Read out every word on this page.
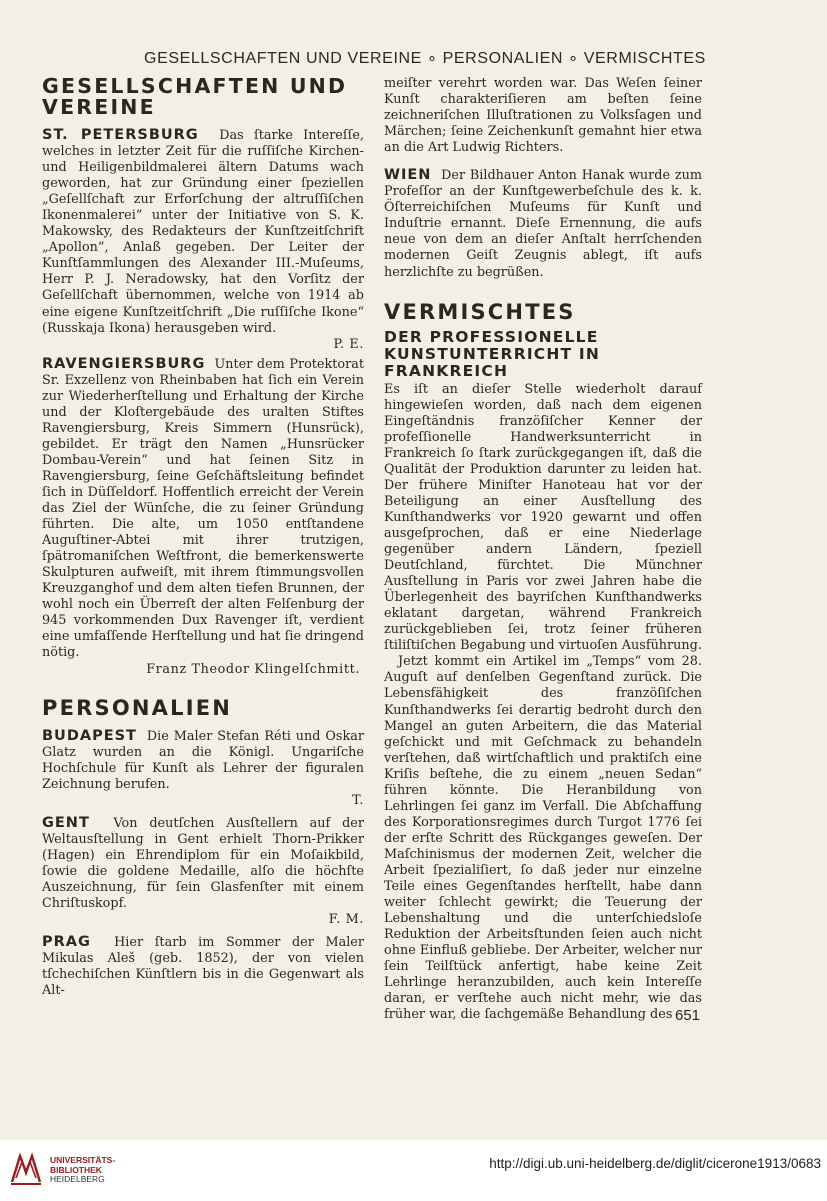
GESELLSCHAFTEN UND VEREINE ∘ PERSONALIEN ∘ VERMISCHTES
GESELLSCHAFTEN UND VEREINE

ST. PETERSBURG Das ſtarke Intereſſe, welches in letzter Zeit für die ruſſiſche Kirchen- und Heiligenbildmalerei ältern Datums wach geworden, hat zur Gründung einer ſpeziellen „Geſellſchaft zur Erforſchung der altruſſiſchen Ikonenmalerei“ unter der Initiative von S. K. Makowsky, des Redakteurs der Kunſtzeitſchrift „Apollon“, Anlaß gegeben. Der Leiter der Kunſtſammlungen des Alexander III.-Muſeums, Herr P. J. Neradowsky, hat den Vorſitz der Geſellſchaft übernommen, welche von 1914 ab eine eigene Kunſtzeitſchrift „Die ruſſiſche Ikone“ (Russkaja Ikona) herausgeben wird.

P. E.

RAVENGIERSBURG Unter dem Protektorat Sr. Exzellenz von Rheinbaben hat ſich ein Verein zur Wiederherſtellung und Erhaltung der Kirche und der Kloſtergebäude des uralten Stiftes Ravengiersburg, Kreis Simmern (Hunsrück), gebildet. Er trägt den Namen „Hunsrücker Dombau-Verein“ und hat ſeinen Sitz in Ravengiersburg, ſeine Geſchäftsleitung befindet ſich in Düſſeldorf. Hoffentlich erreicht der Verein das Ziel der Wünſche, die zu ſeiner Gründung führten. Die alte, um 1050 entſtandene Auguſtiner-Abtei mit ihrer trutzigen, ſpätromaniſchen Weſtfront, die bemerkenswerte Skulpturen aufweiſt, mit ihrem ſtimmungsvollen Kreuzganghof und dem alten tiefen Brunnen, der wohl noch ein Überreſt der alten Felſenburg der 945 vorkommenden Dux Ravenger iſt, verdient eine umfaſſende Herſtellung und hat ſie dringend nötig.

Franz Theodor Klingelſchmitt.

PERSONALIEN

BUDAPEST Die Maler Stefan Réti und Oskar Glatz wurden an die Königl. Ungariſche Hochſchule für Kunſt als Lehrer der figuralen Zeichnung berufen.

T.

GENT Von deutſchen Ausſtellern auf der Weltausſtellung in Gent erhielt Thorn-Prikker (Hagen) ein Ehrendiplom für ein Moſaikbild, ſowie die goldene Medaille, alſo die höchſte Auszeichnung, für ſein Glasfenſter mit einem Chriſtuskopf.

F. M.

PRAG Hier ſtarb im Sommer der Maler Mikulas Aleš (geb. 1852), der von vielen tſchechiſchen Künſtlern bis in die Gegenwart als Alt-

meiſter verehrt worden war. Das Weſen ſeiner Kunſt charakteriſieren am beſten ſeine zeichneriſchen Illuſtrationen zu Volksſagen und Märchen; ſeine Zeichenkunſt gemahnt hier etwa an die Art Ludwig Richters.

WIEN Der Bildhauer Anton Hanak wurde zum Profeſſor an der Kunſtgewerbeſchule des k. k. Öſterreichiſchen Muſeums für Kunſt und Induſtrie ernannt. Dieſe Ernennung, die aufs neue von dem an dieſer Anſtalt herrſchenden modernen Geiſt Zeugnis ablegt, iſt aufs herzlichſte zu begrüßen.

VERMISCHTES
DER PROFESSIONELLE KUNSTUNTERRICHT IN FRANKREICH

Es iſt an dieſer Stelle wiederholt darauf hingewieſen worden, daß nach dem eigenen Eingeſtändnis franzöſiſcher Kenner der profeſſionelle Handwerksunterricht in Frankreich ſo ſtark zurückgegangen iſt, daß die Qualität der Produktion darunter zu leiden hat. Der frühere Miniſter Hanoteau hat vor der Beteiligung an einer Ausſtellung des Kunſthandwerks vor 1920 gewarnt und offen ausgeſprochen, daß er eine Niederlage gegenüber andern Ländern, ſpeziell Deutſchland, fürchtet. Die Münchner Ausſtellung in Paris vor zwei Jahren habe die Überlegenheit des bayriſchen Kunſthandwerks eklatant dargetan, während Frankreich zurückgeblieben ſei, trotz ſeiner früheren ſtiliſtiſchen Begabung und virtuoſen Ausführung.

Jetzt kommt ein Artikel im „Temps“ vom 28. Auguſt auf denſelben Gegenſtand zurück. Die Lebensfähigkeit des franzöſiſchen Kunſthandwerks ſei derartig bedroht durch den Mangel an guten Arbeitern, die das Material geſchickt und mit Geſchmack zu behandeln verſtehen, daß wirtſchaftlich und praktiſch eine Kriſis beſtehe, die zu einem „neuen Sedan“ führen könnte. Die Heranbildung von Lehrlingen ſei ganz im Verfall. Die Abſchaffung des Korporationsregimes durch Turgot 1776 ſei der erſte Schritt des Rückganges geweſen. Der Maſchinismus der modernen Zeit, welcher die Arbeit ſpezialiſiert, ſo daß jeder nur einzelne Teile eines Gegenſtandes herſtellt, habe dann weiter ſchlecht gewirkt; die Teuerung der Lebenshaltung und die unterſchiedsloſe Reduktion der Arbeitsſtunden ſeien auch nicht ohne Einfluß gebliebe. Der Arbeiter, welcher nur ſein Teilſtück anfertigt, habe keine Zeit Lehrlinge heranzubilden, auch kein Intereſſe daran, er verſtehe auch nicht mehr, wie das früher war, die ſachgemäße Behandlung des 651
UNIVERSITÄTS-
BIBLIOTHEK
HEIDELBERG
http://digi.ub.uni-heidelberg.de/diglit/cicerone1913/0683
